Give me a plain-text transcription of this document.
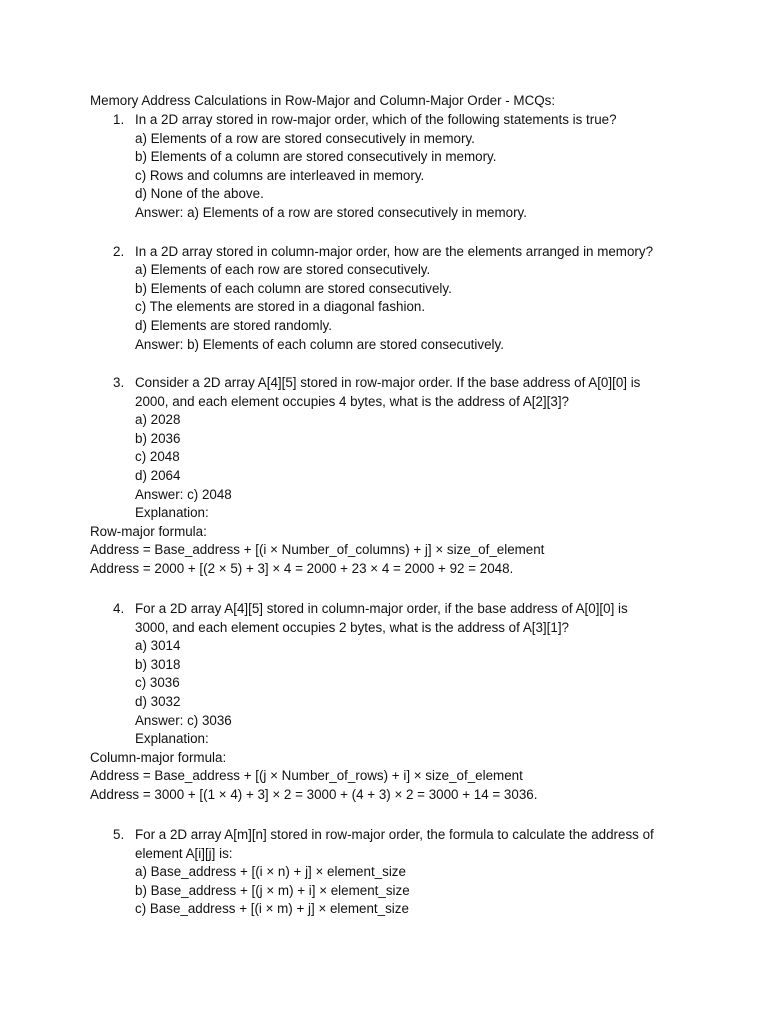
Memory Address Calculations in Row-Major and Column-Major Order - MCQs:
1. In a 2D array stored in row-major order, which of the following statements is true?
a) Elements of a row are stored consecutively in memory.
b) Elements of a column are stored consecutively in memory.
c) Rows and columns are interleaved in memory.
d) None of the above.
Answer: a) Elements of a row are stored consecutively in memory.
2. In a 2D array stored in column-major order, how are the elements arranged in memory?
a) Elements of each row are stored consecutively.
b) Elements of each column are stored consecutively.
c) The elements are stored in a diagonal fashion.
d) Elements are stored randomly.
Answer: b) Elements of each column are stored consecutively.
3. Consider a 2D array A[4][5] stored in row-major order. If the base address of A[0][0] is
2000, and each element occupies 4 bytes, what is the address of A[2][3]?
a) 2028
b) 2036
c) 2048
d) 2064
Answer: c) 2048
Explanation:
Row-major formula:
Address = Base_address + [(i × Number_of_columns) + j] × size_of_element
Address = 2000 + [(2 × 5) + 3] × 4 = 2000 + 23 × 4 = 2000 + 92 = 2048.
4. For a 2D array A[4][5] stored in column-major order, if the base address of A[0][0] is
3000, and each element occupies 2 bytes, what is the address of A[3][1]?
a) 3014
b) 3018
c) 3036
d) 3032
Answer: c) 3036
Explanation:
Column-major formula:
Address = Base_address + [(j × Number_of_rows) + i] × size_of_element
Address = 3000 + [(1 × 4) + 3] × 2 = 3000 + (4 + 3) × 2 = 3000 + 14 = 3036.
5. For a 2D array A[m][n] stored in row-major order, the formula to calculate the address of
element A[i][j] is:
a) Base_address + [(i × n) + j] × element_size
b) Base_address + [(j × m) + i] × element_size
c) Base_address + [(i × m) + j] × element_size
